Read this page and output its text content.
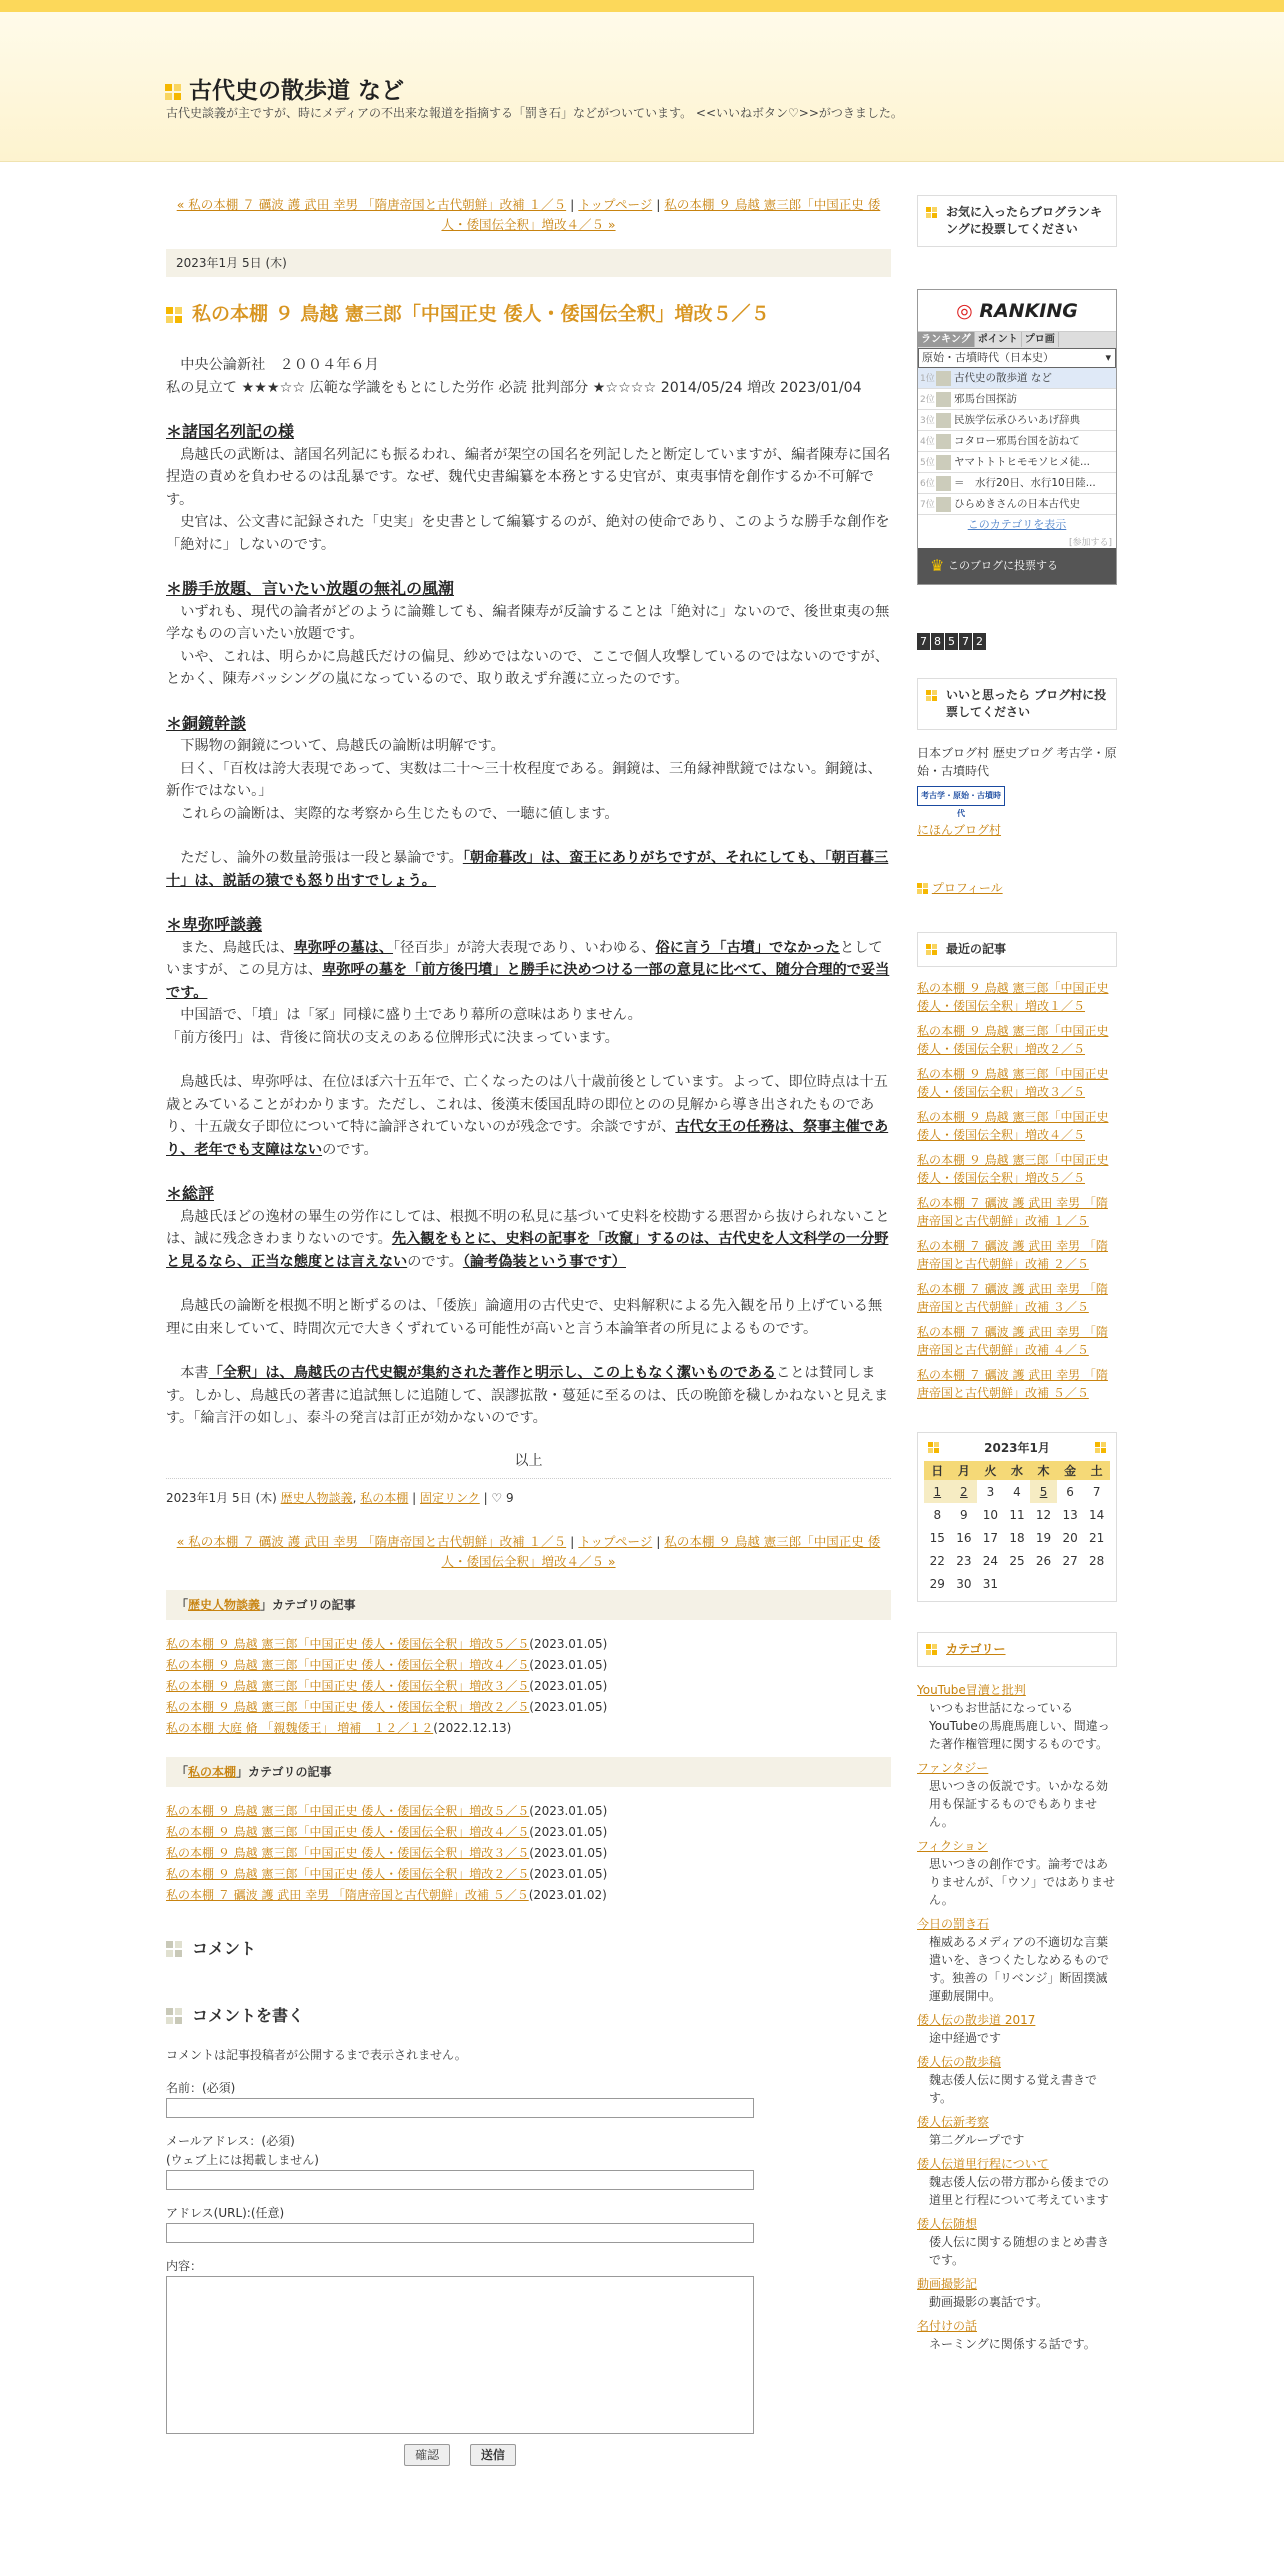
古代史の散歩道 など
古代史談義が主ですが、時にメディアの不出来な報道を指摘する「罰き石」などがついています。 <<いいねボタン♡>>がつきました。
« 私の本棚 ７ 礪波 護 武田 幸男 「隋唐帝国と古代朝鮮」改補 １／５ | トップページ | 私の本棚 ９ 鳥越 憲三郎「中国正史 倭人・倭国伝全釈」増改４／５ »
2023年1月 5日 (木)
私の本棚 ９ 鳥越 憲三郎「中国正史 倭人・倭国伝全釈」増改５／５

　中央公論新社　２００４年６月

私の見立て ★★★☆☆ 広範な学識をもとにした労作 必読 批判部分 ★☆☆☆☆ 2014/05/24 増改 2023/01/04

＊諸国名列記の様

　鳥越氏の武断は、諸国名列記にも振るわれ、編者が架空の国名を列記したと断定していますが、編者陳寿に国名捏造の責めを負わせるのは乱暴です。なぜ、魏代史書編纂を本務とする史官が、東夷事情を創作するか不可解です。

　史官は、公文書に記録された「史実」を史書として編纂するのが、絶対の使命であり、このような勝手な創作を「絶対に」しないのです。

＊勝手放題、言いたい放題の無礼の風潮

　いずれも、現代の論者がどのように論難しても、編者陳寿が反論することは「絶対に」ないので、後世東夷の無学なものの言いたい放題です。

　いや、これは、明らかに鳥越氏だけの偏見、紗めではないので、ここで個人攻撃しているのではないのですが、とかく、陳寿バッシングの嵐になっているので、取り敢えず弁護に立ったのです。

＊銅鏡幹談

　下賜物の銅鏡について、鳥越氏の論断は明解です。

　曰く、「百枚は誇大表現であって、実数は二十～三十枚程度である。銅鏡は、三角縁神獣鏡ではない。銅鏡は、新作ではない。」

　これらの論断は、実際的な考察から生じたもので、一聴に値します。

　ただし、論外の数量誇張は一段と暴論です。「朝命暮改」は、蛮王にありがちですが、それにしても、「朝百暮三十」は、説話の猿でも怒り出すでしょう。

＊卑弥呼談義

　また、鳥越氏は、卑弥呼の墓は、「径百歩」が誇大表現であり、いわゆる、俗に言う「古墳」でなかったとしていますが、この見方は、卑弥呼の墓を「前方後円墳」と勝手に決めつける一部の意見に比べて、随分合理的で妥当です。

　中国語で、「墳」は「冢」同様に盛り土であり幕所の意味はありません。

「前方後円」は、背後に筒状の支えのある位牌形式に決まっています。

　鳥越氏は、卑弥呼は、在位ほぼ六十五年で、亡くなったのは八十歳前後としています。よって、即位時点は十五歳とみていることがわかります。ただし、これは、後漢末倭国乱時の即位とのの見解から導き出されたものであり、十五歳女子即位について特に論評されていないのが残念です。余談ですが、古代女王の任務は、祭事主催であり、老年でも支障はないのです。

＊総評

　鳥越氏ほどの逸材の畢生の労作にしては、根拠不明の私見に基づいて史料を校勘する悪習から抜けられないことは、誠に残念きわまりないのです。先入観をもとに、史料の記事を「改竄」するのは、古代史を人文科学の一分野と見るなら、正当な態度とは言えないのです。（論考偽装という事です）

　鳥越氏の論断を根拠不明と断ずるのは、「倭族」論適用の古代史で、史料解釈による先入観を吊り上げている無理に由来していて、時間次元で大きくずれている可能性が高いと言う本論筆者の所見によるものです。

　本書「全釈」は、鳥越氏の古代史観が集約された著作と明示し、この上もなく潔いものであることは賛同します。しかし、鳥越氏の著書に追試無しに追随して、誤謬拡散・蔓延に至るのは、氏の晩節を穢しかねないと見えます。「綸言汗の如し」、泰斗の発言は訂正が効かないのです。

以上
2023年1月 5日 (木) 歴史人物談義, 私の本棚 | 固定リンク | ♡ 9
« 私の本棚 ７ 礪波 護 武田 幸男 「隋唐帝国と古代朝鮮」改補 １／５ | トップページ | 私の本棚 ９ 鳥越 憲三郎「中国正史 倭人・倭国伝全釈」増改４／５ »
「歴史人物談義」カテゴリの記事
私の本棚 ９ 鳥越 憲三郎「中国正史 倭人・倭国伝全釈」増改５／５(2023.01.05)
私の本棚 ９ 鳥越 憲三郎「中国正史 倭人・倭国伝全釈」増改４／５(2023.01.05)
私の本棚 ９ 鳥越 憲三郎「中国正史 倭人・倭国伝全釈」増改３／５(2023.01.05)
私の本棚 ９ 鳥越 憲三郎「中国正史 倭人・倭国伝全釈」増改２／５(2023.01.05)
私の本棚 大庭 脩 「親魏倭王」 増補　１２／１２(2022.12.13)
「私の本棚」カテゴリの記事
私の本棚 ９ 鳥越 憲三郎「中国正史 倭人・倭国伝全釈」増改５／５(2023.01.05)
私の本棚 ９ 鳥越 憲三郎「中国正史 倭人・倭国伝全釈」増改４／５(2023.01.05)
私の本棚 ９ 鳥越 憲三郎「中国正史 倭人・倭国伝全釈」増改３／５(2023.01.05)
私の本棚 ９ 鳥越 憲三郎「中国正史 倭人・倭国伝全釈」増改２／５(2023.01.05)
私の本棚 ７ 礪波 護 武田 幸男 「隋唐帝国と古代朝鮮」改補 ５／５(2023.01.02)
コメント
コメントを書く
コメントは記事投稿者が公開するまで表示されません。
名前：(必須)
メールアドレス：(必須)
(ウェブ上には掲載しません)
アドレス(URL):(任意)
内容：
確認	送信
お気に入ったらブログランキングに投票してください
◎ RANKING
ランキング ポイント プロ画
原始・古墳時代（日本史） ▾
1位 古代史の散歩道 など
2位 邪馬台国探訪
3位 民族学伝承ひろいあげ辞典
4位 コタロー邪馬台国を訪ねて
5位 ヤマトトトヒモモソヒメ徒...
6位 ＝　水行20日、水行10日陸...
7位 ひらめきさんの日本古代史
このカテゴリを表示
[参加する]
♛ このブログに投票する
7 8 5 7 2
いいと思ったら ブログ村に投票してください
日本ブログ村 歴史ブログ 考古学・原始・古墳時代
考古学・原始・古墳時代
にほんブログ村
プロフィール
最近の記事
私の本棚 ９ 鳥越 憲三郎「中国正史 倭人・倭国伝全釈」増改１／５
私の本棚 ９ 鳥越 憲三郎「中国正史 倭人・倭国伝全釈」増改２／５
私の本棚 ９ 鳥越 憲三郎「中国正史 倭人・倭国伝全釈」増改３／５
私の本棚 ９ 鳥越 憲三郎「中国正史 倭人・倭国伝全釈」増改４／５
私の本棚 ９ 鳥越 憲三郎「中国正史 倭人・倭国伝全釈」増改５／５
私の本棚 ７ 礪波 護 武田 幸男 「隋唐帝国と古代朝鮮」改補 １／５
私の本棚 ７ 礪波 護 武田 幸男 「隋唐帝国と古代朝鮮」改補 ２／５
私の本棚 ７ 礪波 護 武田 幸男 「隋唐帝国と古代朝鮮」改補 ３／５
私の本棚 ７ 礪波 護 武田 幸男 「隋唐帝国と古代朝鮮」改補 ４／５
私の本棚 ７ 礪波 護 武田 幸男 「隋唐帝国と古代朝鮮」改補 ５／５
2023年1月
日	月	火	水	木	金	土
1	2	3	4	5	6	7
8	9	10	11	12	13	14
15	16	17	18	19	20	21
22	23	24	25	26	27	28
29	30	31				
カテゴリー
YouTube冒瀆と批判
いつもお世話になっているYouTubeの馬鹿馬鹿しい、間違った著作権管理に関するものです。
ファンタジー
思いつきの仮説です。いかなる効用も保証するものでもありません。
フィクション
思いつきの創作です。論考ではありませんが、「ウソ」ではありません。
今日の罰き石
権威あるメディアの不適切な言葉遣いを、きつくたしなめるものです。独善の「リベンジ」断固撲滅運動展開中。
倭人伝の散歩道 2017
途中経過です
倭人伝の散歩稿
魏志倭人伝に関する覚え書きです。
倭人伝新考察
第二グループです
倭人伝道里行程について
魏志倭人伝の帯方郡から倭までの道里と行程について考えています
倭人伝随想
倭人伝に関する随想のまとめ書きです。
動画撮影記
動画撮影の裏話です。
名付けの話
ネーミングに関係する話です。
